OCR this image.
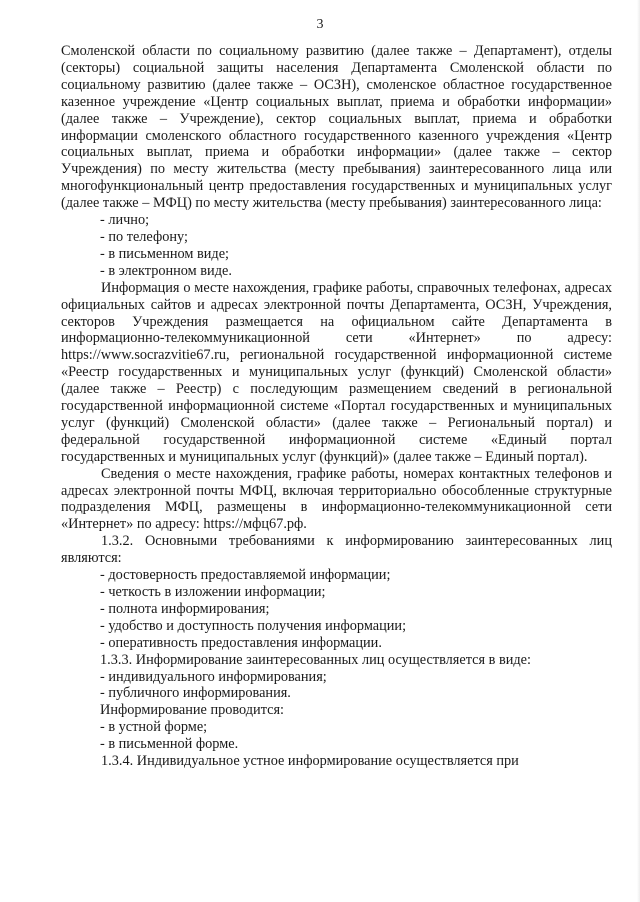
3

Смоленской области по социальному развитию (далее также – Департамент), отделы (секторы) социальной защиты населения Департамента Смоленской области по социальному развитию (далее также – ОСЗН), смоленское областное государственное казенное учреждение «Центр социальных выплат, приема и обработки информации» (далее также – Учреждение), сектор социальных выплат, приема и обработки информации смоленского областного государственного казенного учреждения «Центр социальных выплат, приема и обработки информации» (далее также – сектор Учреждения) по месту жительства (месту пребывания) заинтересованного лица или многофункциональный центр предоставления государственных и муниципальных услуг (далее также – МФЦ) по месту жительства (месту пребывания) заинтересованного лица:

- лично;

- по телефону;

- в письменном виде;

- в электронном виде.

Информация о месте нахождения, графике работы, справочных телефонах, адресах официальных сайтов и адресах электронной почты Департамента, ОСЗН, Учреждения, секторов Учреждения размещается на официальном сайте Департамента в информационно-телекоммуникационной сети «Интернет» по адресу: https://www.socrazvitie67.ru, региональной государственной информационной системе «Реестр государственных и муниципальных услуг (функций) Смоленской области» (далее также – Реестр) с последующим размещением сведений в региональной государственной информационной системе «Портал государственных и муниципальных услуг (функций) Смоленской области» (далее также – Региональный портал) и федеральной государственной информационной системе «Единый портал государственных и муниципальных услуг (функций)» (далее также – Единый портал).

Сведения о месте нахождения, графике работы, номерах контактных телефонов и адресах электронной почты МФЦ, включая территориально обособленные структурные подразделения МФЦ, размещены в информационно-телекоммуникационной сети «Интернет» по адресу: https://мфц67.рф.

1.3.2. Основными требованиями к информированию заинтересованных лиц являются:

- достоверность предоставляемой информации;

- четкость в изложении информации;

- полнота информирования;

- удобство и доступность получения информации;

- оперативность предоставления информации.

1.3.3. Информирование заинтересованных лиц осуществляется в виде:

- индивидуального информирования;

- публичного информирования.

Информирование проводится:

- в устной форме;

- в письменной форме.

1.3.4. Индивидуальное устное информирование осуществляется при
